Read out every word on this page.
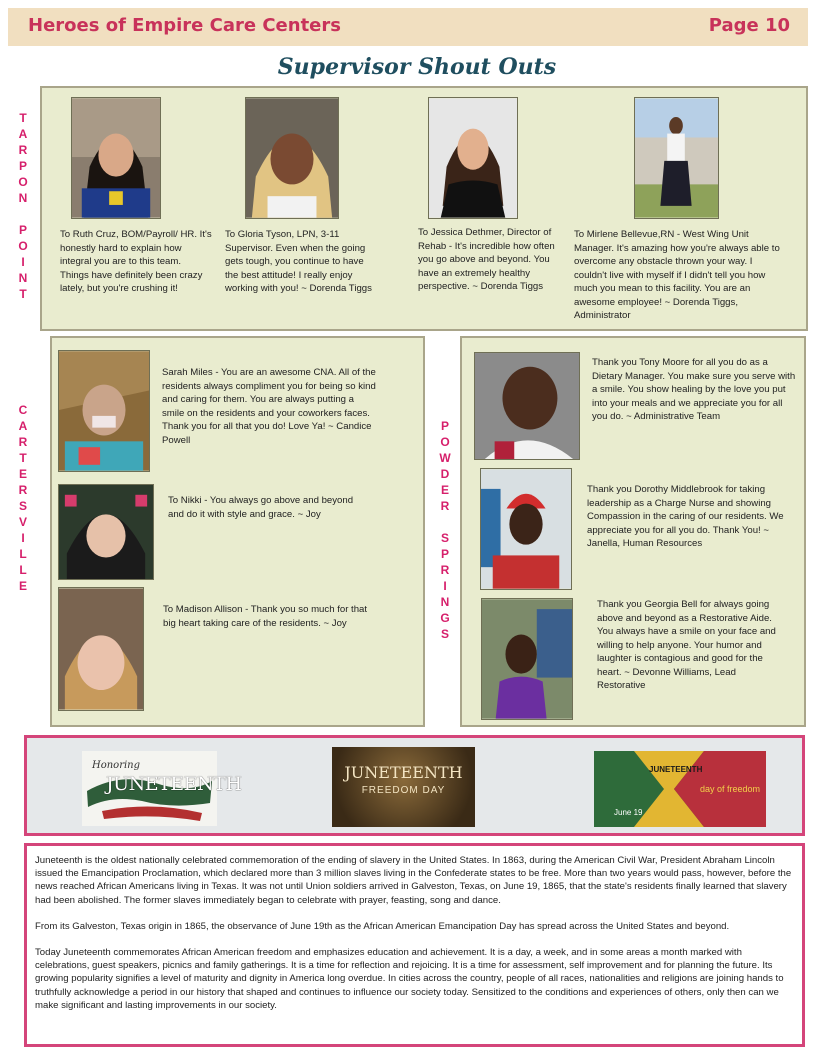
Heroes of Empire Care Centers	Page 10
Supervisor Shout Outs
T
A
R
P
O
N
P
O
I
N
T
To Ruth Cruz, BOM/Payroll/ HR. It's honestly hard to explain how integral you are to this team. Things have definitely been crazy lately, but you're crushing it!
To Gloria Tyson, LPN, 3-11 Supervisor. Even when the going gets tough, you continue to have the best attitude! I really enjoy working with you! ~ Dorenda Tiggs
To Jessica Dethmer, Director of Rehab - It's incredible how often you go above and beyond. You have an extremely healthy perspective. ~ Dorenda Tiggs
To Mirlene Bellevue,RN - West Wing Unit Manager. It's amazing how you're always able to overcome any obstacle thrown your way. I couldn't live with myself if I didn't tell you how much you mean to this facility. You are an awesome employee! ~ Dorenda Tiggs, Administrator
C
A
R
T
E
R
S
V
I
L
L
E
Sarah Miles - You are an awesome CNA. All of the residents always compliment you for being so kind and caring for them. You are always putting a smile on the residents and your coworkers faces. Thank you for all that you do! Love Ya! ~ Candice Powell
To Nikki - You always go above and beyond and do it with style and grace. ~ Joy
To Madison Allison - Thank you so much for that big heart taking care of the residents. ~ Joy
P
O
W
D
E
R
S
P
R
I
N
G
S
Thank you Tony Moore for all you do as a Dietary Manager. You make sure you serve with a smile. You show healing by the love you put into your meals and we appreciate you for all you do. ~ Administrative Team
Thank you Dorothy Middlebrook for taking leadership as a Charge Nurse and showing Compassion in the caring of our residents. We appreciate you for all you do. Thank You! ~ Janella, Human Resources
Thank you Georgia Bell for always going above and beyond as a Restorative Aide. You always have a smile on your face and willing to help anyone. Your humor and laughter is contagious and good for the heart. ~ Devonne Williams, Lead Restorative
Honoring
JUNETEENTH
JUNETEENTH
FREEDOM DAY
JUNETEENTH
June 19
day of freedom

Juneteenth is the oldest nationally celebrated commemoration of the ending of slavery in the United States. In 1863, during the American Civil War, President Abraham Lincoln issued the Emancipation Proclamation, which declared more than 3 million slaves living in the Confederate states to be free. More than two years would pass, however, before the news reached African Americans living in Texas. It was not until Union soldiers arrived in Galveston, Texas, on June 19, 1865, that the state's residents finally learned that slavery had been abolished. The former slaves immediately began to celebrate with prayer, feasting, song and dance.

From its Galveston, Texas origin in 1865, the observance of June 19th as the African American Emancipation Day has spread across the United States and beyond.

Today Juneteenth commemorates African American freedom and emphasizes education and achievement. It is a day, a week, and in some areas a month marked with celebrations, guest speakers, picnics and family gatherings. It is a time for reflection and rejoicing. It is a time for assessment, self improvement and for planning the future. Its growing popularity signifies a level of maturity and dignity in America long overdue. In cities across the country, people of all races, nationalities and religions are joining hands to truthfully acknowledge a period in our history that shaped and continues to influence our society today. Sensitized to the conditions and experiences of others, only then can we make significant and lasting improvements in our society.
